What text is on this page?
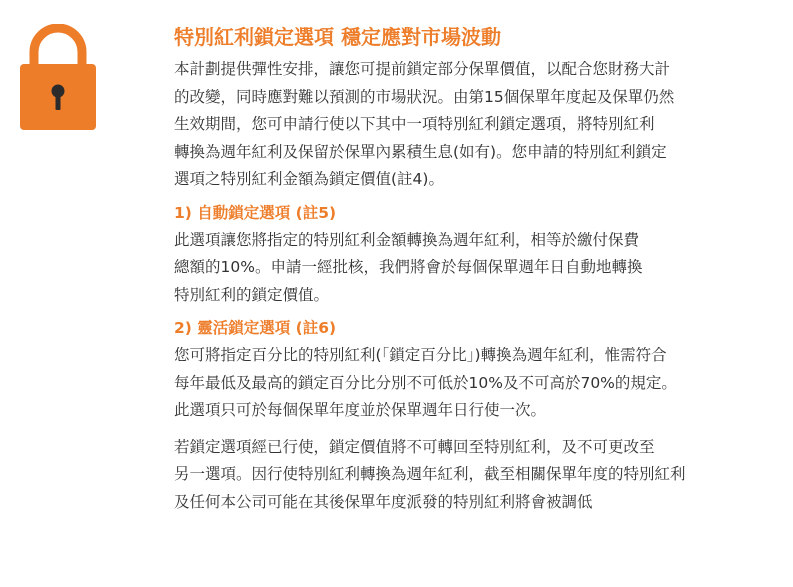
特別紅利鎖定選項 穩定應對市場波動

本計劃提供彈性安排，讓您可提前鎖定部分保單價值，以配合您財務大計
的改變，同時應對難以預測的市場狀況。由第15個保單年度起及保單仍然
生效期間，您可申請行使以下其中一項特別紅利鎖定選項，將特別紅利
轉換為週年紅利及保留於保單內累積生息(如有)。您申請的特別紅利鎖定
選項之特別紅利金額為鎖定價值(註4)。

1) 自動鎖定選項 (註5)

此選項讓您將指定的特別紅利金額轉換為週年紅利，相等於繳付保費
總額的10%。申請一經批核，我們將會於每個保單週年日自動地轉換
特別紅利的鎖定價值。

2) 靈活鎖定選項 (註6)

您可將指定百分比的特別紅利(「鎖定百分比」)轉換為週年紅利，惟需符合
每年最低及最高的鎖定百分比分別不可低於10%及不可高於70%的規定。
此選項只可於每個保單年度並於保單週年日行使一次。

若鎖定選項經已行使，鎖定價值將不可轉回至特別紅利，及不可更改至
另一選項。因行使特別紅利轉換為週年紅利，截至相關保單年度的特別紅利
及任何本公司可能在其後保單年度派發的特別紅利將會被調低
